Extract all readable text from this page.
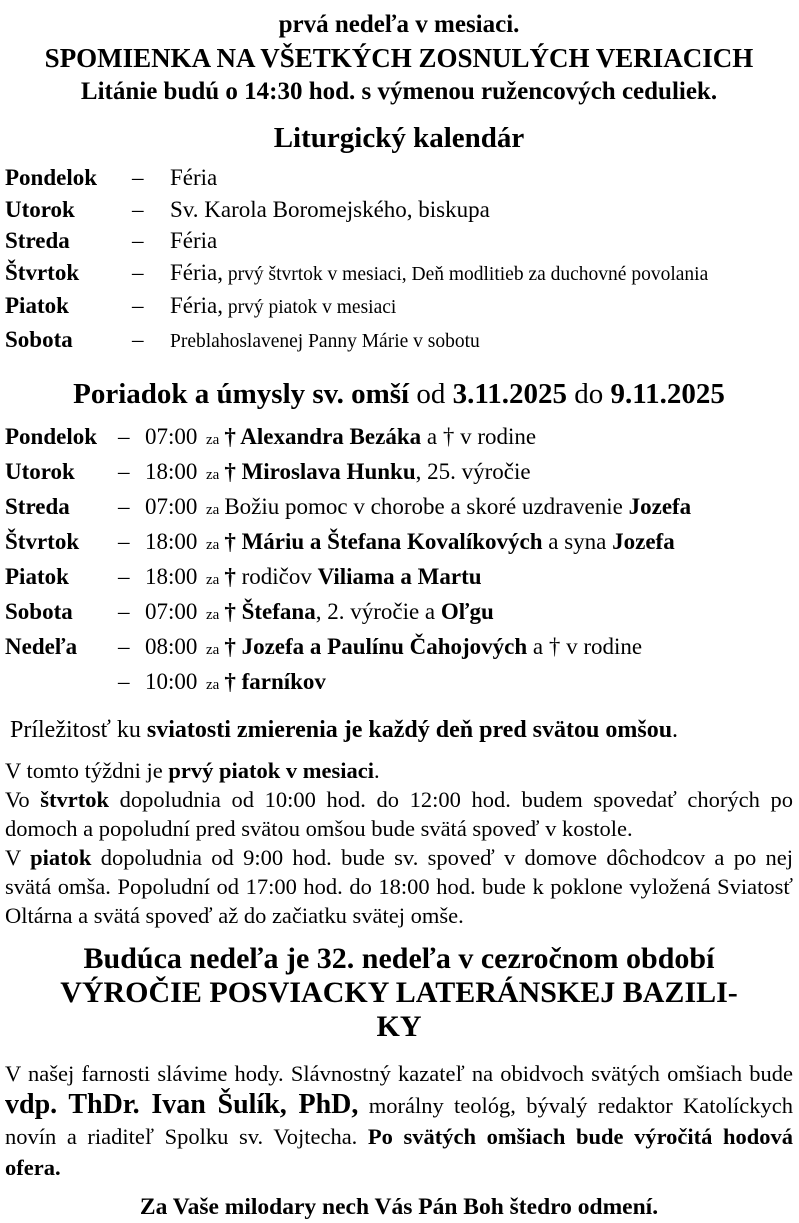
prvá nedeľa v mesiaci.
SPOMIENKA NA VŠETKÝCH ZOSNULÝCH VERIACICH
Litánie budú o 14:30 hod. s výmenou ružencových ceduliek.
Liturgický kalendár
Pondelok – Féria
Utorok – Sv. Karola Boromejského, biskupa
Streda	– Féria
Štvrtok – Féria, prvý štvrtok v mesiaci, Deň modlitieb za duchovné povolania
Piatok	– Féria, prvý piatok v mesiaci
Sobota	– Preblahoslavenej Panny Márie v sobotu
Poriadok a úmysly sv. omší od 3.11.2025 do 9.11.2025
Pondelok – 07:00 za † Alexandra Bezáka a † v rodine
Utorok – 18:00 za † Miroslava Hunku, 25. výročie
Streda – 07:00 za Božiu pomoc v chorobe a skoré uzdravenie Jozefa
Štvrtok – 18:00 za † Máriu a Štefana Kovalíkových a syna Jozefa
Piatok – 18:00 za † rodičov Viliama a Martu
Sobota – 07:00 za † Štefana, 2. výročie a Oľgu
Nedeľa – 08:00 za † Jozefa a Paulínu Čahojových a † v rodine
– 10:00 za † farníkov
Príležitosť ku sviatosti zmierenia je každý deň pred svätou omšou.

V tomto týždni je prvý piatok v mesiaci.

Vo štvrtok dopoludnia od 10:00 hod. do 12:00 hod. budem spovedať chorých po domoch a popoludní pred svätou omšou bude svätá spoveď v kostole.

V piatok dopoludnia od 9:00 hod. bude sv. spoveď v domove dôchodcov a po nej svätá omša. Popoludní od 17:00 hod. do 18:00 hod. bude k poklone vyložená Sviatosť Oltárna a svätá spoveď až do začiatku svätej omše.

Budúca nedeľa je 32. nedeľa v cezročnom období
VÝROČIE POSVIACKY LATERÁNSKEJ BAZILI-
KY

V našej farnosti slávime hody. Slávnostný kazateľ na obidvoch svätých omšiach bude vdp. ThDr. Ivan Šulík, PhD, morálny teológ, bývalý redaktor Katolíckych novín a riaditeľ Spolku sv. Vojtecha. Po svätých omšiach bude výročitá hodová ofera.

Za Vaše milodary nech Vás Pán Boh štedro odmení.
